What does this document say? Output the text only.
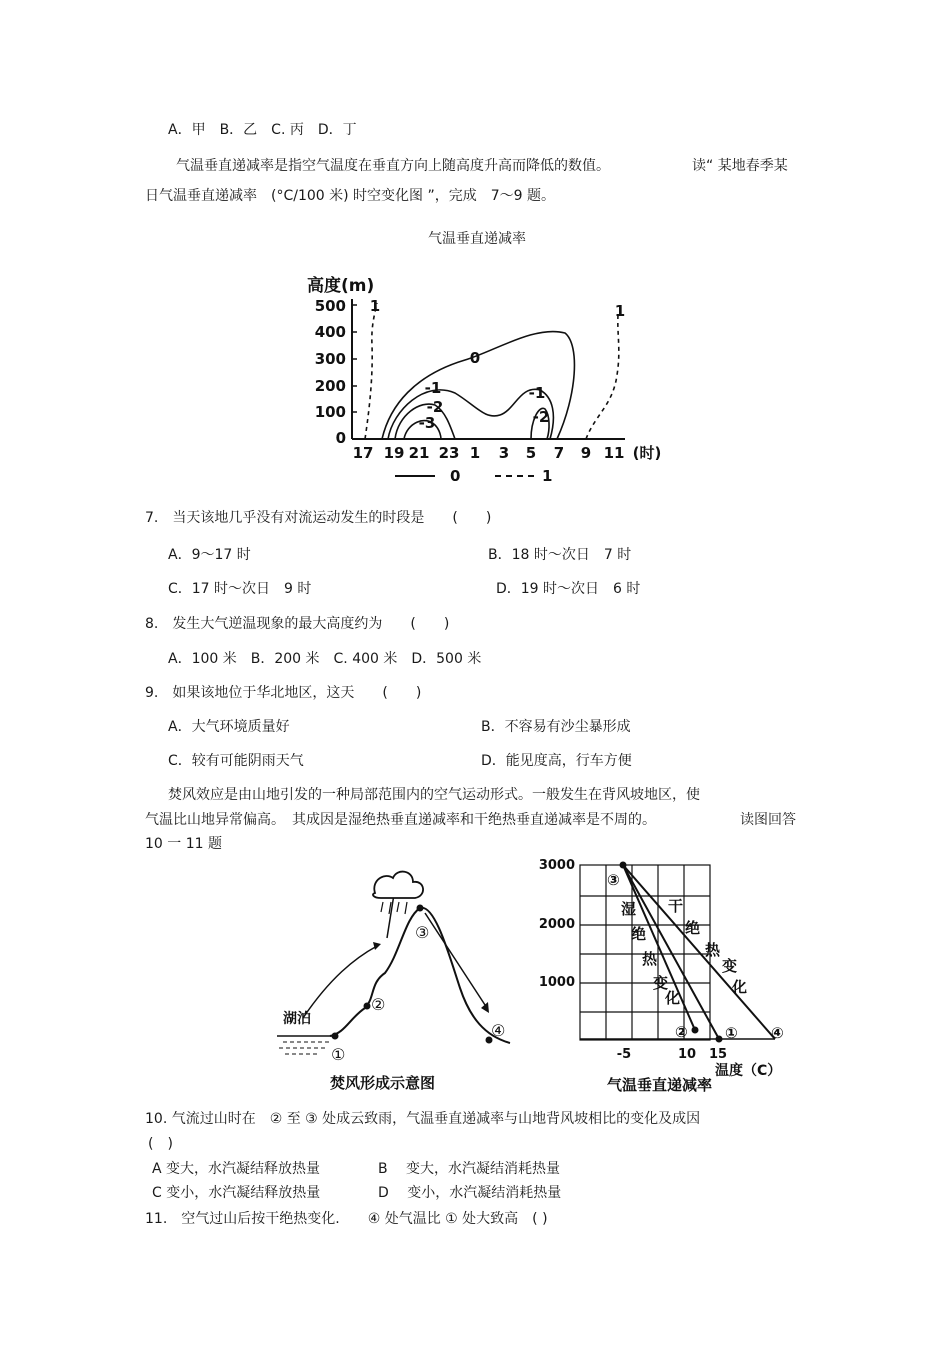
A．甲　B．乙　C. 丙　D．丁
气温垂直递减率是指空气温度在垂直方向上随高度升高而降低的数值。	读“ 某地春季某
日气温垂直递减率　(°C/100 米) 时空变化图 ”，完成　7～9 题。
气温垂直递减率
高度(m)
500
400
300
200
100
0
17 19 21 23 1 3 5 7 9 11 (时)
1	1
0
-1
-2
-3
-1
-2
0	1
7.　当天该地几乎没有对流运动发生的时段是　　(　　)
A．9～17 时	B．18 时～次日　7 时
C．17 时～次日　9 时	D．19 时～次日　6 时
8.　发生大气逆温现象的最大高度约为　　(　　)
A．100 米　B．200 米　C. 400 米　D．500 米
9.　如果该地位于华北地区，这天　　(　　)
A．大气环境质量好	B．不容易有沙尘暴形成
C．较有可能阴雨天气	D．能见度高，行车方便
焚风效应是由山地引发的一种局部范围内的空气运动形式。一般发生在背风坡地区，使
气温比山地异常偏高。　其成因是湿绝热垂直递减率和干绝热垂直递减率是不周的。	读图回答
10 一 11 题
湖泊
①
②
③
④
焚风形成示意图
3000
2000
1000
-5	10 15
温度（C）
③
② ① ④
湿
绝
热
变
化
干
绝
热
变
化
气温垂直递减率
10. 气流过山时在　② 至 ③ 处成云致雨，气温垂直递减率与山地背风坡相比的变化及成因
(　)
A 变大，水汽凝结释放热量	B　 变大，水汽凝结消耗热量
C 变小，水汽凝结释放热量	D　 变小，水汽凝结消耗热量
11.　空气过山后按干绝热变化.　　④ 处气温比 ① 处大致高　( )
